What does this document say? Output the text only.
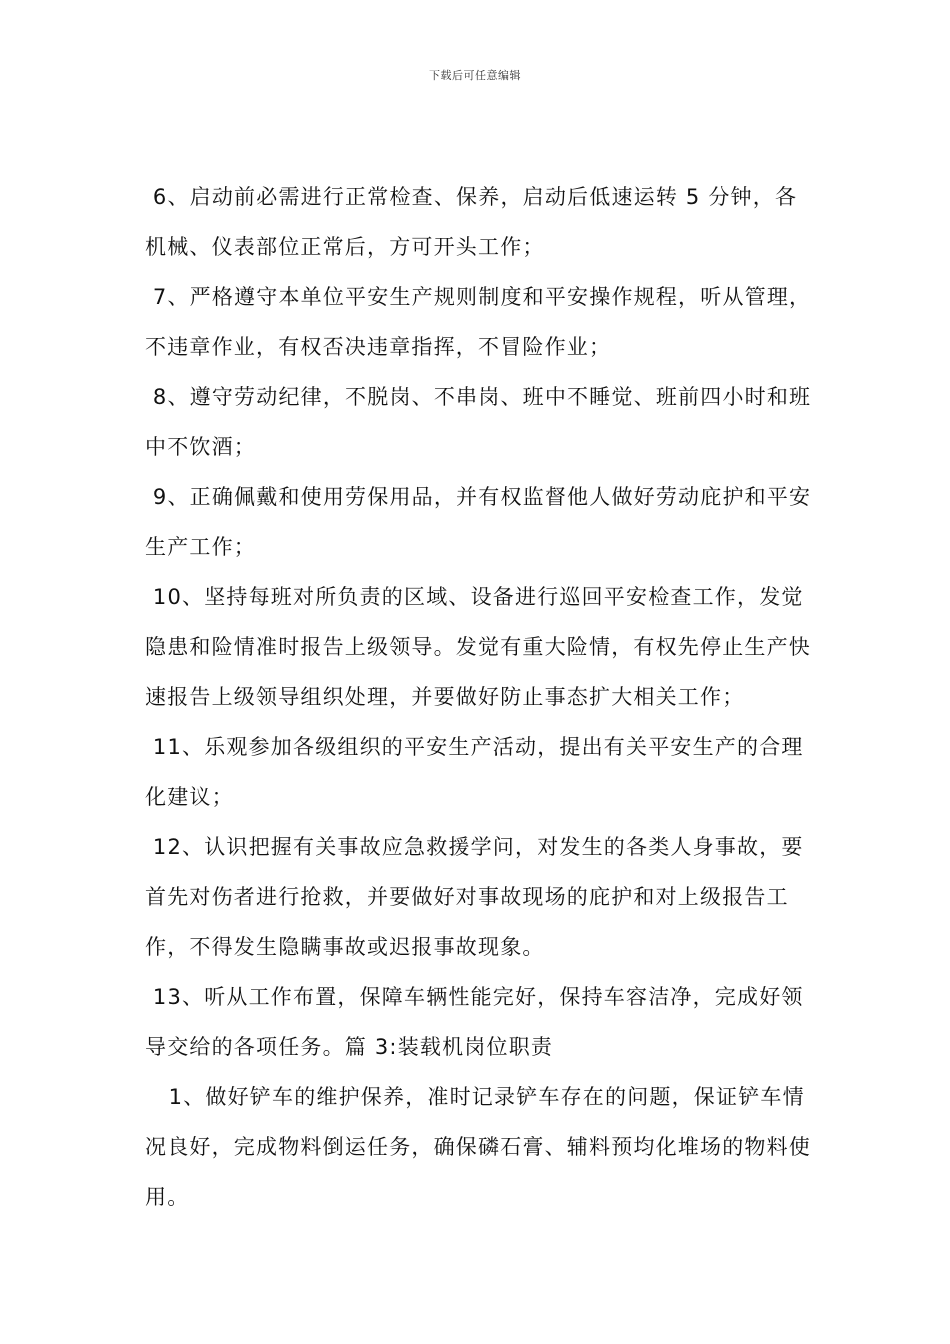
下载后可任意编辑

6、启动前必需进行正常检查、保养，启动后低速运转 5 分钟，各机械、仪表部位正常后，方可开头工作；

7、严格遵守本单位平安生产规则制度和平安操作规程，听从管理，不违章作业，有权否决违章指挥，不冒险作业；

8、遵守劳动纪律，不脱岗、不串岗、班中不睡觉、班前四小时和班中不饮酒；

9、正确佩戴和使用劳保用品，并有权监督他人做好劳动庇护和平安生产工作；

10、坚持每班对所负责的区域、设备进行巡回平安检查工作，发觉隐患和险情准时报告上级领导。发觉有重大险情，有权先停止生产快速报告上级领导组织处理，并要做好防止事态扩大相关工作；

11、乐观参加各级组织的平安生产活动，提出有关平安生产的合理化建议；

12、认识把握有关事故应急救援学问，对发生的各类人身事故，要首先对伤者进行抢救，并要做好对事故现场的庇护和对上级报告工作，不得发生隐瞒事故或迟报事故现象。

13、听从工作布置，保障车辆性能完好，保持车容洁净，完成好领导交给的各项任务。篇 3:装载机岗位职责

1、做好铲车的维护保养，准时记录铲车存在的问题，保证铲车情况良好，完成物料倒运任务，确保磷石膏、辅料预均化堆场的物料使用。
